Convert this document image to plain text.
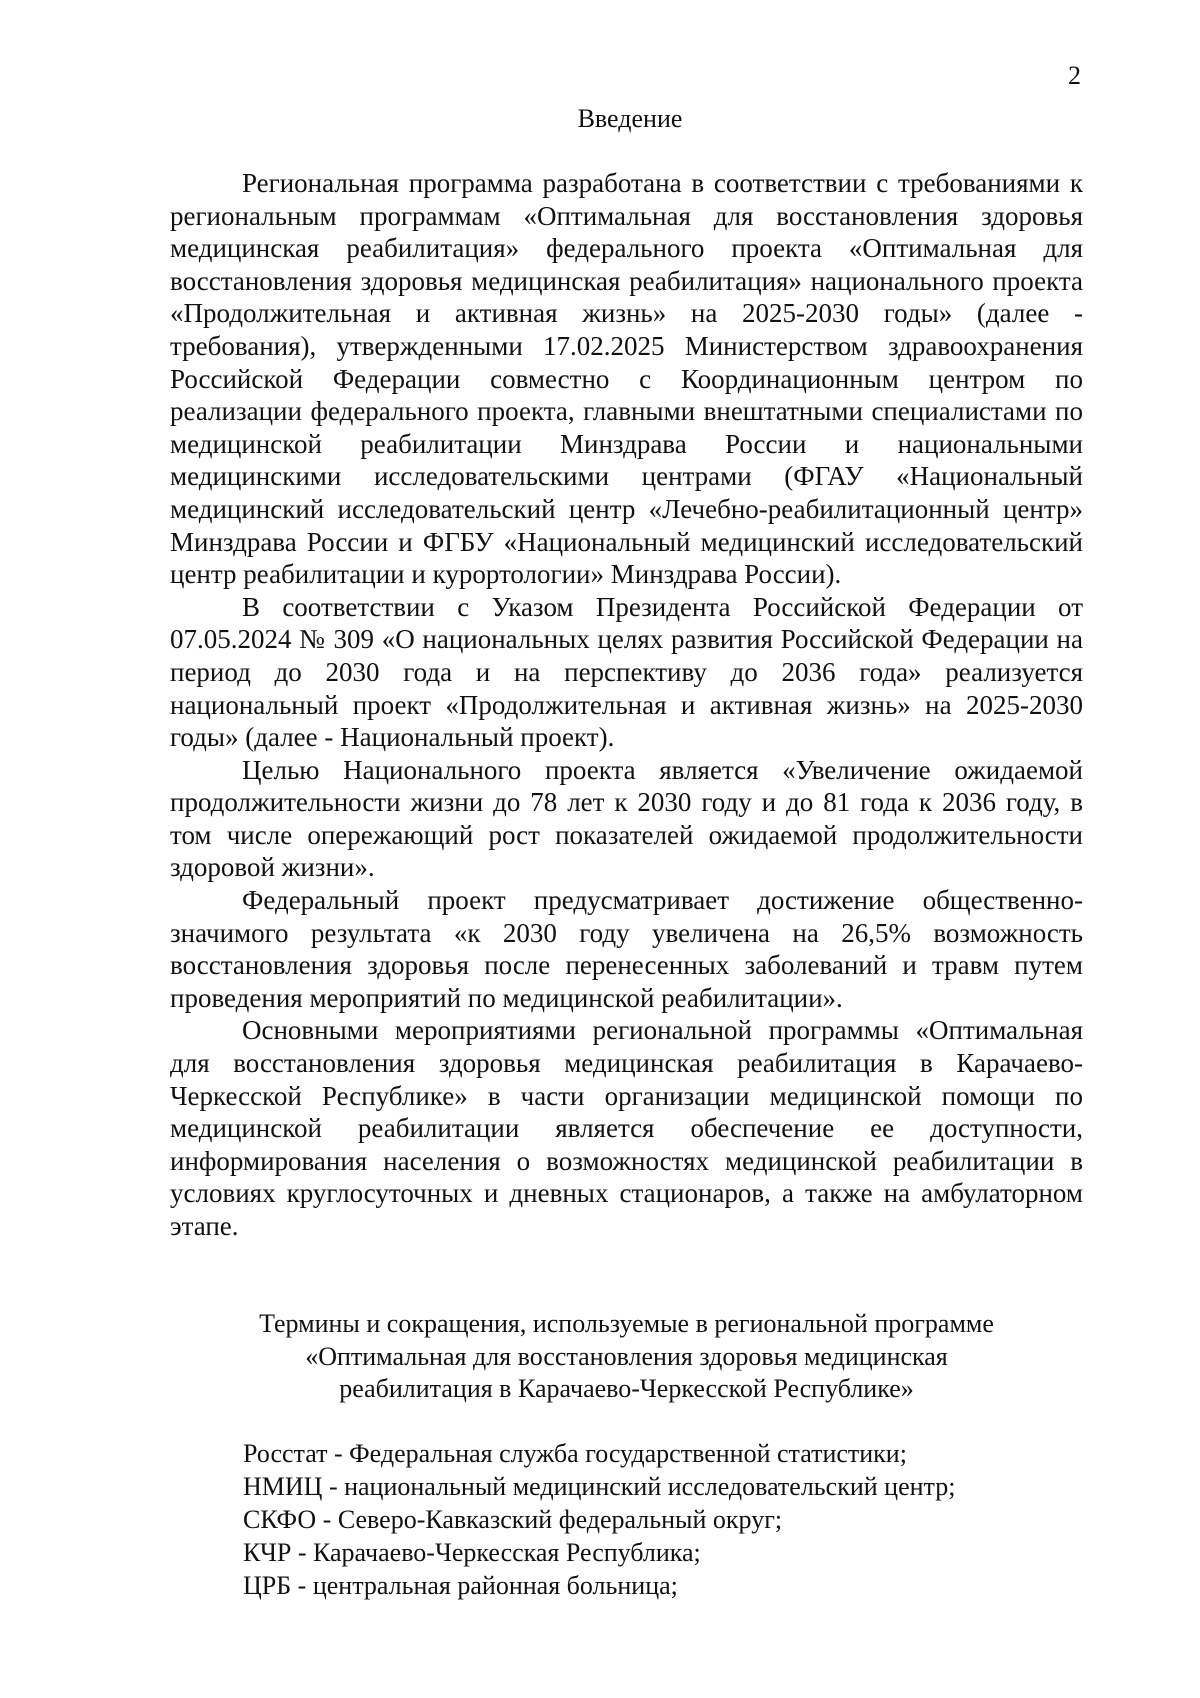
2
Введение

Региональная программа разработана в соответствии с требованиями к региональным программам «Оптимальная для восстановления здоровья медицинская реабилитация» федерального проекта «Оптимальная для восстановления здоровья медицинская реабилитация» национального проекта «Продолжительная и активная жизнь» на 2025-2030 годы» (далее - требования), утвержденными 17.02.2025 Министерством здравоохранения Российской Федерации совместно с Координационным центром по реализации федерального проекта, главными внештатными специалистами по медицинской реабилитации Минздрава России и национальными медицинскими исследовательскими центрами (ФГАУ «Национальный медицинский исследовательский центр «Лечебно-реабилитационный центр» Минздрава России и ФГБУ «Национальный медицинский исследовательский центр реабилитации и курортологии» Минздрава России).

В соответствии с Указом Президента Российской Федерации от 07.05.2024 № 309 «О национальных целях развития Российской Федерации на период до 2030 года и на перспективу до 2036 года» реализуется национальный проект «Продолжительная и активная жизнь» на 2025-2030 годы» (далее - Национальный проект).

Целью Национального проекта является «Увеличение ожидаемой продолжительности жизни до 78 лет к 2030 году и до 81 года к 2036 году, в том числе опережающий рост показателей ожидаемой продолжительности здоровой жизни».

Федеральный проект предусматривает достижение общественно-значимого результата «к 2030 году увеличена на 26,5% возможность восстановления здоровья после перенесенных заболеваний и травм путем проведения мероприятий по медицинской реабилитации».

Основными мероприятиями региональной программы «Оптимальная для восстановления здоровья медицинская реабилитация в Карачаево-Черкесской Республике» в части организации медицинской помощи по медицинской реабилитации является обеспечение ее доступности, информирования населения о возможностях медицинской реабилитации в условиях круглосуточных и дневных стационаров, а также на амбулаторном этапе.

Термины и сокращения, используемые в региональной программе
«Оптимальная для восстановления здоровья медицинская
реабилитация в Карачаево-Черкесской Республике»
Росстат - Федеральная служба государственной статистики;
НМИЦ - национальный медицинский исследовательский центр;
СКФО - Северо-Кавказский федеральный округ;
КЧР - Карачаево-Черкесская Республика;
ЦРБ - центральная районная больница;
